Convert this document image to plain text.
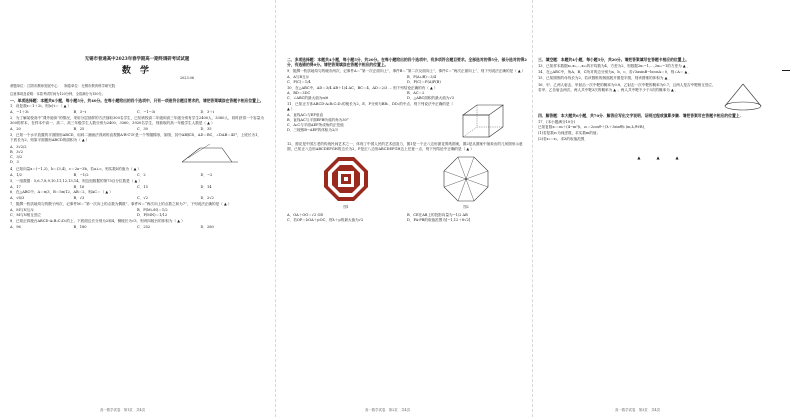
无锡市普通高中2023年春学期高一期终调研考试试题
数 学
2023.06
命题单位：江阴市教师发展中心　　制卷单位：无锡市教育科学研究院
注意事项及说明：本卷考试时间为120分钟，全卷满分为150分。
一、单项选择题：本题共8小题，每小题5分，共40分。在每小题给出的四个选项中，只有一项是符合题目要求的，请把答案填涂在答题卡相应位置上。
1．设复数z＝1＋2i，则|z|·i＝（ ▲ ）
A．−1＋3i	B．3−i	C．−1−3i	D．3＋i
2．为了解某校高中“课外阅读”的情况，采用分层抽样的方法抽取300名学生，已知该校高二年级和高三年级分别有学生2400人、3360人，同时获得一个容量为300的样本，在样本中高一、高二、高三年级学生人数分别为2400、3360、3920名学生，则抽取的高一年级学生人数是（ ▲ ）
A．20	B．25	C．30	D．35
3．已知一个水平放置的平面图形ABCD，用斜二测画法得到的直观图A'B'C'D'是一个等腰梯形，如图，其中AB∥CD，AD＝BC，∠DAB＝45°，上底长为1，下底长为2，则原平面图形ABCD的面积为（ ▲ ）
A．3√2/2
B．3√2
C．3/2
D．3
4．已知向量a＝(−1,2)，b＝(3,4)，c＝2a−3b，若a⊥c，则实数λ的值为（ ▲ ）
A．1/2	B．−1/2	C．2	D．−2
5．一组数据：5,6,7,8,9,10,11,12,13,14，则这组数据的第75百分位数是（ ▲ ）
A．17	B．16	C．15	D．14
6．在△ABC中，A＝π/3，B＝5π/12，AB＝2，则AC＝（ ▲ ）
A．√6/3	B．√3	C．√2	D．2√2
7．抛掷一枚质地均匀的骰子两次，记事件M＝“第一次向上的点数为偶数”，事件N＝“两次向上的点数之和为7”，下列说法正确的是（ ▲ ）
A．M与N互斥	B．P(M∪N)＝1/2
C．M与N相互独立	D．P(MN)＝1/12
8．已知正四棱台ABCD-A₁B₁C₁D₁的上、下底面边长分别为2和4，侧棱长为√3，则该四棱台的体积为（ ▲ ）
A．96	B．180	C．252	D．280
高一数学试卷　第1页　共4页
二、多项选择题：本题共4小题，每小题5分，共20分。在每小题给出的四个选项中，有多项符合题目要求。全部选对的得5分，部分选对的得2分，有选错的得0分。请把答案填涂在答题卡相应的位置上。
9．抛掷一枚质地均匀的硬币两次，记事件A＝“第一次正面向上”，事件B＝“第二次反面向上”，事件C＝“两次正面向上”，则下列说法正确的是（ ▲ ）
A．A与B互斥	B．P(A∪B)＝3/4
C．P(C)＝1/4	D．P(C)＝P(A)P(B)
10．在△ABC中，AD＝3/4 AB＋1/4 AC，BC＝4，AD＝2/3 ... 则下列结论正确的有（ ▲ ）
A．BD＝3DC	B．AC＝2
C．∠ABC的最大值为π/6	D．△ABC面积的最大值为√3
11．已知正方体ABCD-A₁B₁C₁D₁的棱长为2，E、F分别为BB₁、DD₁的中点，则下列说法中正确的是（ ▲ ）
A．直线AC₁与EF垂直
B．直线AC与平面EFB所成的角为30°
C．A₁C与平面AEF所成角的正弦值
D．三棱锥B−AEF的体积为2/3
12．窗花是中国古老的传统民间艺术之一，体现了中国人民的艺术创造力，图1是一个正八边形窗花剪纸图案，图2是从图案中抽象出的几何图形示意图，已知正八边形ABCDEFGH的边长为2，P是正八边形ABCDEFGH边上任意一点，则下列结论中正确的是（ ▲ ）
图1	图2
A．OA＋OG＝√2 OD	B．CE在AB上的投影向量为−1/2 AB
C．若OP＝λOA＋μOC，则λ＋μ的最大值为√2	D．PA·PB的取值范围为[−1,12＋8√2]
高一数学试卷　第2页　共4页
三、填空题：本题共4小题，每小题5分，共20分。请把答案填写在答题卡相应的位置上。
13．已知样本数据x₁,x₂,…,x₁₀的平均数为4，方差为2，则数据2x₁−1,…,2x₁₀−1的方差为 ▲ ．
14．在△ABC中，角A，B，C所对的边分别为a，b，c，若√3asinB−bcosA＝0，则∠A＝ ▲ ．
15．已知圆锥的母线长为2，若该圆锥的侧面展开图是半圆，则该圆锥的体积为 ▲ ．
16．甲、乙两人射击，甲射击一次中靶的概率为0.8，乙射击一次中靶的概率为0.7，且两人是否中靶相互独立，若甲、乙各射击两次，两人共中靶3次的概率为 ▲ ；两人共中靶不少于3次的概率为 ▲ ．
四、解答题：本大题共6小题，共70分．解答应写出文字说明、证明过程或演算步骤．请把答案写在答题卡相应的位置上．
17．(本小题满分10分)
已知复数z₁＝m＋(4−m²)i，z₂＝2cosθ＋(λ＋3sinθ)i (m,λ,θ∈R)．
(1)若复数z₁为纯虚数，求实数m的值；
(2)若z₁＝z₂，求λ的取值范围．
▲　　　　▲　　　　▲
高一数学试卷　第3页　共4页
